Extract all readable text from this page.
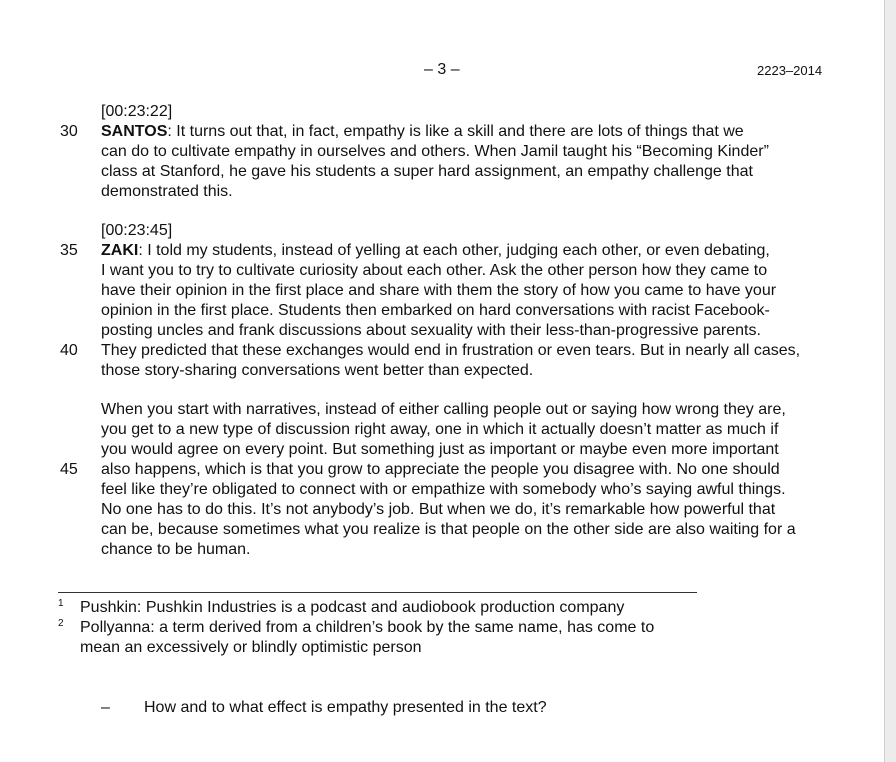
– 3 –	2223–2014
[00:23:22]
30 SANTOS: It turns out that, in fact, empathy is like a skill and there are lots of things that we
can do to cultivate empathy in ourselves and others. When Jamil taught his “Becoming Kinder”
class at Stanford, he gave his students a super hard assignment, an empathy challenge that
demonstrated this.
[00:23:45]
35 ZAKI: I told my students, instead of yelling at each other, judging each other, or even debating,
I want you to try to cultivate curiosity about each other. Ask the other person how they came to
have their opinion in the first place and share with them the story of how you came to have your
opinion in the first place. Students then embarked on hard conversations with racist Facebook-
posting uncles and frank discussions about sexuality with their less-than-progressive parents.
40 They predicted that these exchanges would end in frustration or even tears. But in nearly all cases,
those story-sharing conversations went better than expected.
When you start with narratives, instead of either calling people out or saying how wrong they are,
you get to a new type of discussion right away, one in which it actually doesn’t matter as much if
you would agree on every point. But something just as important or maybe even more important
45 also happens, which is that you grow to appreciate the people you disagree with. No one should
feel like they’re obligated to connect with or empathize with somebody who’s saying awful things.
No one has to do this. It’s not anybody’s job. But when we do, it’s remarkable how powerful that
can be, because sometimes what you realize is that people on the other side are also waiting for a
chance to be human.
1 Pushkin: Pushkin Industries is a podcast and audiobook production company
2 Pollyanna: a term derived from a children’s book by the same name, has come to
mean an excessively or blindly optimistic person
– How and to what effect is empathy presented in the text?
